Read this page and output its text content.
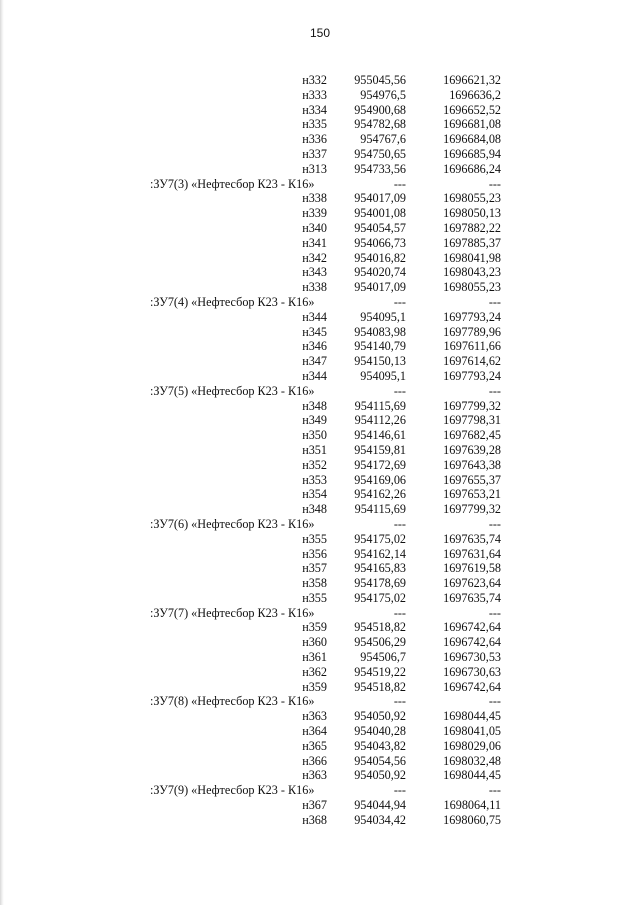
150
н332	955045,56	1696621,32
н333	954976,5	1696636,2
н334	954900,68	1696652,52
н335	954782,68	1696681,08
н336	954767,6	1696684,08
н337	954750,65	1696685,94
н313	954733,56	1696686,24
:ЗУ7(3) «Нефтесбор К23 - К16»	---	---
н338	954017,09	1698055,23
н339	954001,08	1698050,13
н340	954054,57	1697882,22
н341	954066,73	1697885,37
н342	954016,82	1698041,98
н343	954020,74	1698043,23
н338	954017,09	1698055,23
:ЗУ7(4) «Нефтесбор К23 - К16»	---	---
н344	954095,1	1697793,24
н345	954083,98	1697789,96
н346	954140,79	1697611,66
н347	954150,13	1697614,62
н344	954095,1	1697793,24
:ЗУ7(5) «Нефтесбор К23 - К16»	---	---
н348	954115,69	1697799,32
н349	954112,26	1697798,31
н350	954146,61	1697682,45
н351	954159,81	1697639,28
н352	954172,69	1697643,38
н353	954169,06	1697655,37
н354	954162,26	1697653,21
н348	954115,69	1697799,32
:ЗУ7(6) «Нефтесбор К23 - К16»	---	---
н355	954175,02	1697635,74
н356	954162,14	1697631,64
н357	954165,83	1697619,58
н358	954178,69	1697623,64
н355	954175,02	1697635,74
:ЗУ7(7) «Нефтесбор К23 - К16»	---	---
н359	954518,82	1696742,64
н360	954506,29	1696742,64
н361	954506,7	1696730,53
н362	954519,22	1696730,63
н359	954518,82	1696742,64
:ЗУ7(8) «Нефтесбор К23 - К16»	---	---
н363	954050,92	1698044,45
н364	954040,28	1698041,05
н365	954043,82	1698029,06
н366	954054,56	1698032,48
н363	954050,92	1698044,45
:ЗУ7(9) «Нефтесбор К23 - К16»	---	---
н367	954044,94	1698064,11
н368	954034,42	1698060,75
